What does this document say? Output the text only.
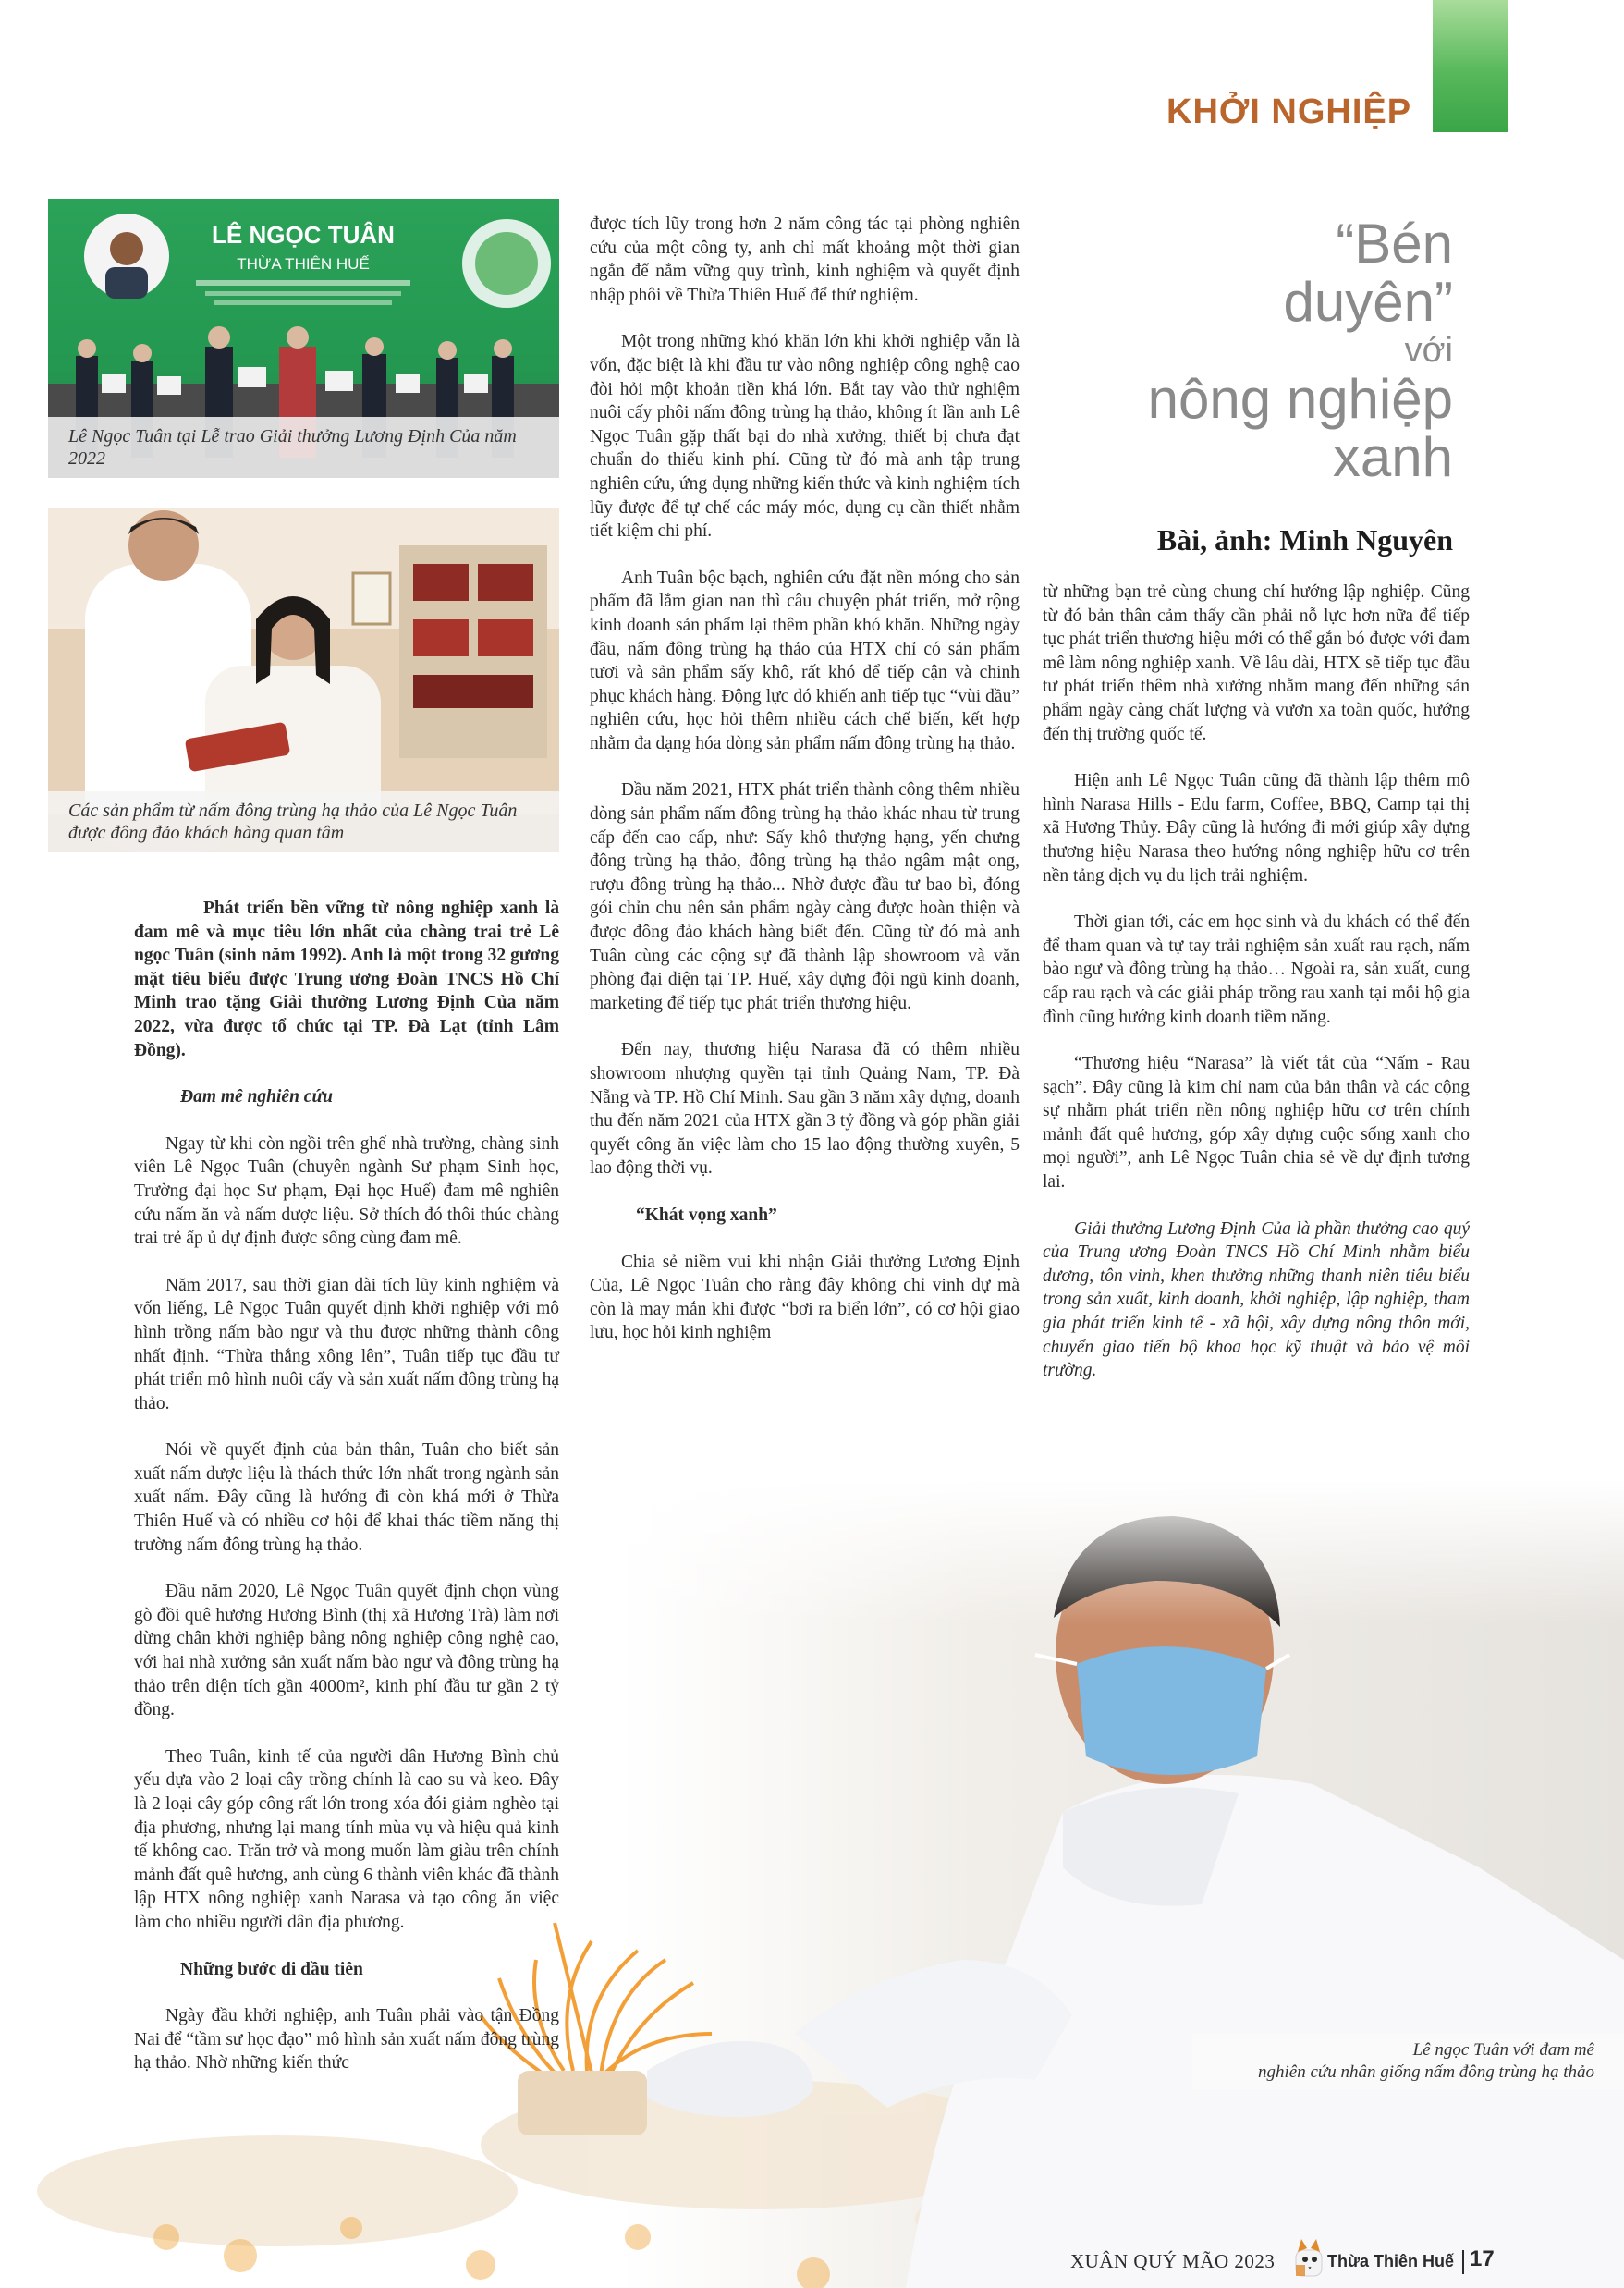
KHỞI NGHIỆP
LÊ NGỌC TUÂN
THỪA THIÊN HUẾ
Lê Ngọc Tuân tại Lễ trao Giải thưởng Lương Định Của năm 2022
Các sản phẩm từ nấm đông trùng hạ thảo của Lê Ngọc Tuân được đông đảo khách hàng quan tâm
Lê ngọc Tuân với đam mê
nghiên cứu nhân giống nấm đông trùng hạ thảo

Phát triển bền vững từ nông nghiệp xanh là đam mê và mục tiêu lớn nhất của chàng trai trẻ Lê ngọc Tuân (sinh năm 1992). Anh là một trong 32 gương mặt tiêu biểu được Trung ương Đoàn TNCS Hồ Chí Minh trao tặng Giải thưởng Lương Định Của năm 2022, vừa được tổ chức tại TP. Đà Lạt (tỉnh Lâm Đồng).

Đam mê nghiên cứu

Ngay từ khi còn ngồi trên ghế nhà trường, chàng sinh viên Lê Ngọc Tuân (chuyên ngành Sư phạm Sinh học, Trường đại học Sư phạm, Đại học Huế) đam mê nghiên cứu nấm ăn và nấm dược liệu. Sở thích đó thôi thúc chàng trai trẻ ấp ủ dự định được sống cùng đam mê.

Năm 2017, sau thời gian dài tích lũy kinh nghiệm và vốn liếng, Lê Ngọc Tuân quyết định khởi nghiệp với mô hình trồng nấm bào ngư và thu được những thành công nhất định. “Thừa thắng xông lên”, Tuân tiếp tục đầu tư phát triển mô hình nuôi cấy và sản xuất nấm đông trùng hạ thảo.

Nói về quyết định của bản thân, Tuân cho biết sản xuất nấm dược liệu là thách thức lớn nhất trong ngành sản xuất nấm. Đây cũng là hướng đi còn khá mới ở Thừa Thiên Huế và có nhiều cơ hội để khai thác tiềm năng thị trường nấm đông trùng hạ thảo.

Đầu năm 2020, Lê Ngọc Tuân quyết định chọn vùng gò đồi quê hương Hương Bình (thị xã Hương Trà) làm nơi dừng chân khởi nghiệp bằng nông nghiệp công nghệ cao, với hai nhà xưởng sản xuất nấm bào ngư và đông trùng hạ thảo trên diện tích gần 4000m², kinh phí đầu tư gần 2 tỷ đồng.

Theo Tuân, kinh tế của người dân Hương Bình chủ yếu dựa vào 2 loại cây trồng chính là cao su và keo. Đây là 2 loại cây góp công rất lớn trong xóa đói giảm nghèo tại địa phương, nhưng lại mang tính mùa vụ và hiệu quả kinh tế không cao. Trăn trở và mong muốn làm giàu trên chính mảnh đất quê hương, anh cùng 6 thành viên khác đã thành lập HTX nông nghiệp xanh Narasa và tạo công ăn việc làm cho nhiều người dân địa phương.

Những bước đi đầu tiên

Ngày đầu khởi nghiệp, anh Tuân phải vào tận Đồng Nai để “tầm sư học đạo” mô hình sản xuất nấm đông trùng hạ thảo. Nhờ những kiến thức

được tích lũy trong hơn 2 năm công tác tại phòng nghiên cứu của một công ty, anh chỉ mất khoảng một thời gian ngắn để nắm vững quy trình, kinh nghiệm và quyết định nhập phôi về Thừa Thiên Huế để thử nghiệm.

Một trong những khó khăn lớn khi khởi nghiệp vẫn là vốn, đặc biệt là khi đầu tư vào nông nghiệp công nghệ cao đòi hỏi một khoản tiền khá lớn. Bắt tay vào thử nghiệm nuôi cấy phôi nấm đông trùng hạ thảo, không ít lần anh Lê Ngọc Tuân gặp thất bại do nhà xưởng, thiết bị chưa đạt chuẩn do thiếu kinh phí. Cũng từ đó mà anh tập trung nghiên cứu, ứng dụng những kiến thức và kinh nghiệm tích lũy được để tự chế các máy móc, dụng cụ cần thiết nhằm tiết kiệm chi phí.

Anh Tuân bộc bạch, nghiên cứu đặt nền móng cho sản phẩm đã lắm gian nan thì câu chuyện phát triển, mở rộng kinh doanh sản phẩm lại thêm phần khó khăn. Những ngày đầu, nấm đông trùng hạ thảo của HTX chỉ có sản phẩm tươi và sản phẩm sấy khô, rất khó để tiếp cận và chinh phục khách hàng. Động lực đó khiến anh tiếp tục “vùi đầu” nghiên cứu, học hỏi thêm nhiều cách chế biến, kết hợp nhằm đa dạng hóa dòng sản phẩm nấm đông trùng hạ thảo.

Đầu năm 2021, HTX phát triển thành công thêm nhiều dòng sản phẩm nấm đông trùng hạ thảo khác nhau từ trung cấp đến cao cấp, như: Sấy khô thượng hạng, yến chưng đông trùng hạ thảo, đông trùng hạ thảo ngâm mật ong, rượu đông trùng hạ thảo... Nhờ được đầu tư bao bì, đóng gói chỉn chu nên sản phẩm ngày càng được hoàn thiện và được đông đảo khách hàng biết đến. Cũng từ đó mà anh Tuân cùng các cộng sự đã thành lập showroom và văn phòng đại diện tại TP. Huế, xây dựng đội ngũ kinh doanh, marketing để tiếp tục phát triển thương hiệu.

Đến nay, thương hiệu Narasa đã có thêm nhiều showroom nhượng quyền tại tỉnh Quảng Nam, TP. Đà Nẵng và TP. Hồ Chí Minh. Sau gần 3 năm xây dựng, doanh thu đến năm 2021 của HTX gần 3 tỷ đồng và góp phần giải quyết công ăn việc làm cho 15 lao động thường xuyên, 5 lao động thời vụ.

“Khát vọng xanh”

Chia sẻ niềm vui khi nhận Giải thưởng Lương Định Của, Lê Ngọc Tuân cho rằng đây không chỉ vinh dự mà còn là may mắn khi được “bơi ra biển lớn”, có cơ hội giao lưu, học hỏi kinh nghiệm

“Bén
duyên”
với
nông nghiệp
xanh
Bài, ảnh: Minh Nguyên

từ những bạn trẻ cùng chung chí hướng lập nghiệp. Cũng từ đó bản thân cảm thấy cần phải nỗ lực hơn nữa để tiếp tục phát triển thương hiệu mới có thể gắn bó được với đam mê làm nông nghiệp xanh. Về lâu dài, HTX sẽ tiếp tục đầu tư phát triển thêm nhà xưởng nhằm mang đến những sản phẩm ngày càng chất lượng và vươn xa toàn quốc, hướng đến thị trường quốc tế.

Hiện anh Lê Ngọc Tuân cũng đã thành lập thêm mô hình Narasa Hills - Edu farm, Coffee, BBQ, Camp tại thị xã Hương Thủy. Đây cũng là hướng đi mới giúp xây dựng thương hiệu Narasa theo hướng nông nghiệp hữu cơ trên nền tảng dịch vụ du lịch trải nghiệm.

Thời gian tới, các em học sinh và du khách có thể đến để tham quan và tự tay trải nghiệm sản xuất rau rạch, nấm bào ngư và đông trùng hạ thảo… Ngoài ra, sản xuất, cung cấp rau rạch và các giải pháp trồng rau xanh tại mỗi hộ gia đình cũng hướng kinh doanh tiềm năng.

“Thương hiệu “Narasa” là viết tắt của “Nấm - Rau sạch”. Đây cũng là kim chỉ nam của bản thân và các cộng sự nhằm phát triển nền nông nghiệp hữu cơ trên chính mảnh đất quê hương, góp xây dựng cuộc sống xanh cho mọi người”, anh Lê Ngọc Tuân chia sẻ về dự định tương lai.

Giải thưởng Lương Định Của là phần thưởng cao quý của Trung ương Đoàn TNCS Hồ Chí Minh nhằm biểu dương, tôn vinh, khen thưởng những thanh niên tiêu biểu trong sản xuất, kinh doanh, khởi nghiệp, lập nghiệp, tham gia phát triển kinh tế - xã hội, xây dựng nông thôn mới, chuyển giao tiến bộ khoa học kỹ thuật và bảo vệ môi trường.

XUÂN QUÝ MÃO 2023	Thừa Thiên Huế 17
